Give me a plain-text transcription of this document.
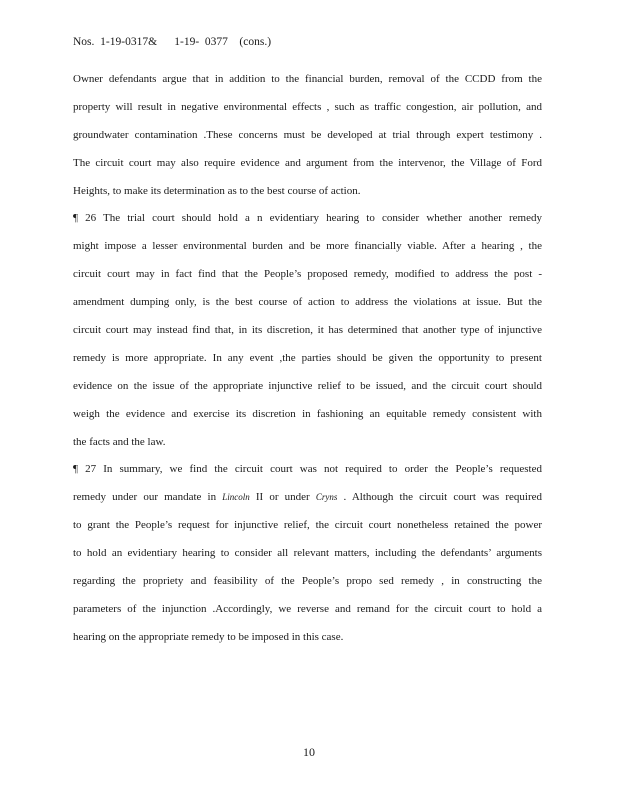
Nos.  1-19-0317&      1-19-  0377    (cons.)
Owner defendants argue that in addition to the financial burden, removal of the CCDD from the
property will result in negative environmental effects , such as traffic congestion, air pollution, and
groundwater contamination .These concerns must be developed at trial through expert testimony .
The circuit court may also require evidence and argument from the intervenor, the Village of Ford
Heights, to make its determination as to the best course of action.
¶ 26 The trial court should hold a n evidentiary hearing to consider whether another remedy
might impose a lesser environmental burden and be more financially viable. After a hearing , the
circuit court may in fact find that the People’s proposed remedy, modified to address the post -
amendment dumping only, is the best course of action to address the violations at issue. But the
circuit court may instead find that, in its discretion, it has determined that another type of injunctive
remedy is more appropriate. In any event ,the parties should be given the opportunity to present
evidence on the issue of the appropriate injunctive relief to be issued, and the circuit court should
weigh the evidence and exercise its discretion in fashioning an equitable remedy consistent with
the facts and the law.
¶ 27 In summary, we find the circuit court was not required to order the People’s requested
remedy under our mandate in Lincoln II or under Cryns . Although the circuit court was required
to grant the People’s request for injunctive relief, the circuit court nonetheless retained the power
to hold an evidentiary hearing to consider all relevant matters, including the defendants’ arguments
regarding the propriety and feasibility of the People’s propo sed remedy , in constructing the
parameters of the injunction .Accordingly, we reverse and remand for the circuit court to hold a
hearing on the appropriate remedy to be imposed in this case.
10
